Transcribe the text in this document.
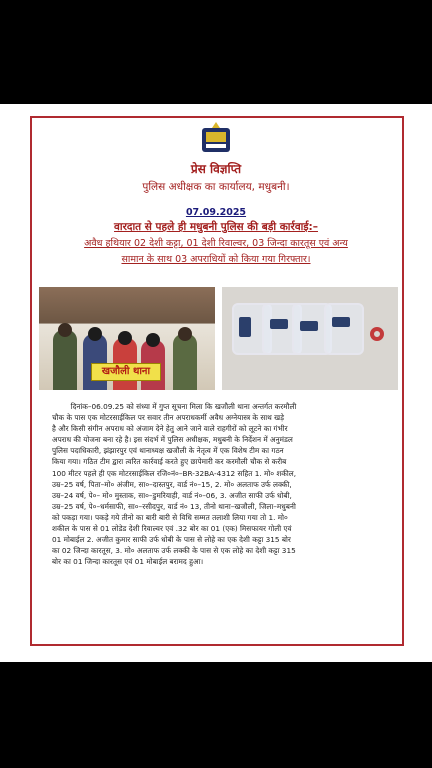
प्रेस विज्ञप्ति
पुलिस अधीक्षक का कार्यालय, मधुबनी।
07.09.2025
वारदात से पहले ही मधुबनी पुलिस की बड़ी कार्रवाई:–
अवैध हथियार 02 देशी कट्टा, 01 देशी रिवाल्वर, 03 जिन्दा कारतूस एवं अन्य
सामान के साथ 03 अपराधियों को किया गया गिरफ्तार।
खजौली थाना
दिनांक–06.09.25 को संध्या में गुप्त सूचना मिला कि खजौली थाना अन्तर्गत करमौली
चौक के पास एक मोटरसाईकिल पर सवार तीन अपराधकर्मी अवैध अग्नेयास्त्र के साथ खड़े
है और किसी संगीन अपराध को अंजाम देने हेतु आने जाने वाले राहगीरों को लूटने का गंभीर
अपराध की योजना बना रहे है। इस संदर्भ में पुलिस अधीक्षक, मधुबनी के निर्देशन में अनुमंडल
पुलिस पदाधिकारी, झंझारपुर एवं थानाध्यक्ष खजौली के नेतृत्व में एक विशेष टीम का गठन
किया गया। गठित टीम द्वारा त्वरित कार्रवाई करते हुए छापेमारी कर करमौली चौक से करीब
100 मीटर पहले ही एक मोटरसाईकिल रजि०नं०–BR-32BA-4312 सहित 1. मो० शकील,
उम्र–25 वर्ष, पिता–मो० अंजीम, सा०–दास्तपुर, वार्ड नं०–15, 2. मो० अलताफ उर्फ लक्की,
उम्र–24 वर्ष, पे०– मो० मुस्ताक, सा०–डुमरियाही, वार्ड नं०–06, 3. अजीत साफी उर्फ धोबी,
उम्र–25 वर्ष, पे०–धर्मसाफी, सा०–रसीदपुर, वार्ड नं० 13, तीनो थाना–खजौली, जिला–मधुबनी
को पकड़ा गया। पकड़े गये तीनो का बारी बारी से विधि सम्मत तलाशी लिया गया तो 1. मो०
शकील के पास से 01 लोडेड देशी रिवाल्वर एवं .32 बोर का 01 (एक) मिसफायर गोली एवं
01 मोबाईल 2. अजीत कुमार साफी उर्फ धोबी के पास से लोहे का एक देशी कट्टा 315 बोर
का 02 जिन्दा कारतूस, 3. मो० अलताफ उर्फ लक्की के पास से एक लोहे का देशी कट्टा 315
बोर का 01 जिन्दा कारतूस एवं 01 मोबाईल बरामद हुआ।
